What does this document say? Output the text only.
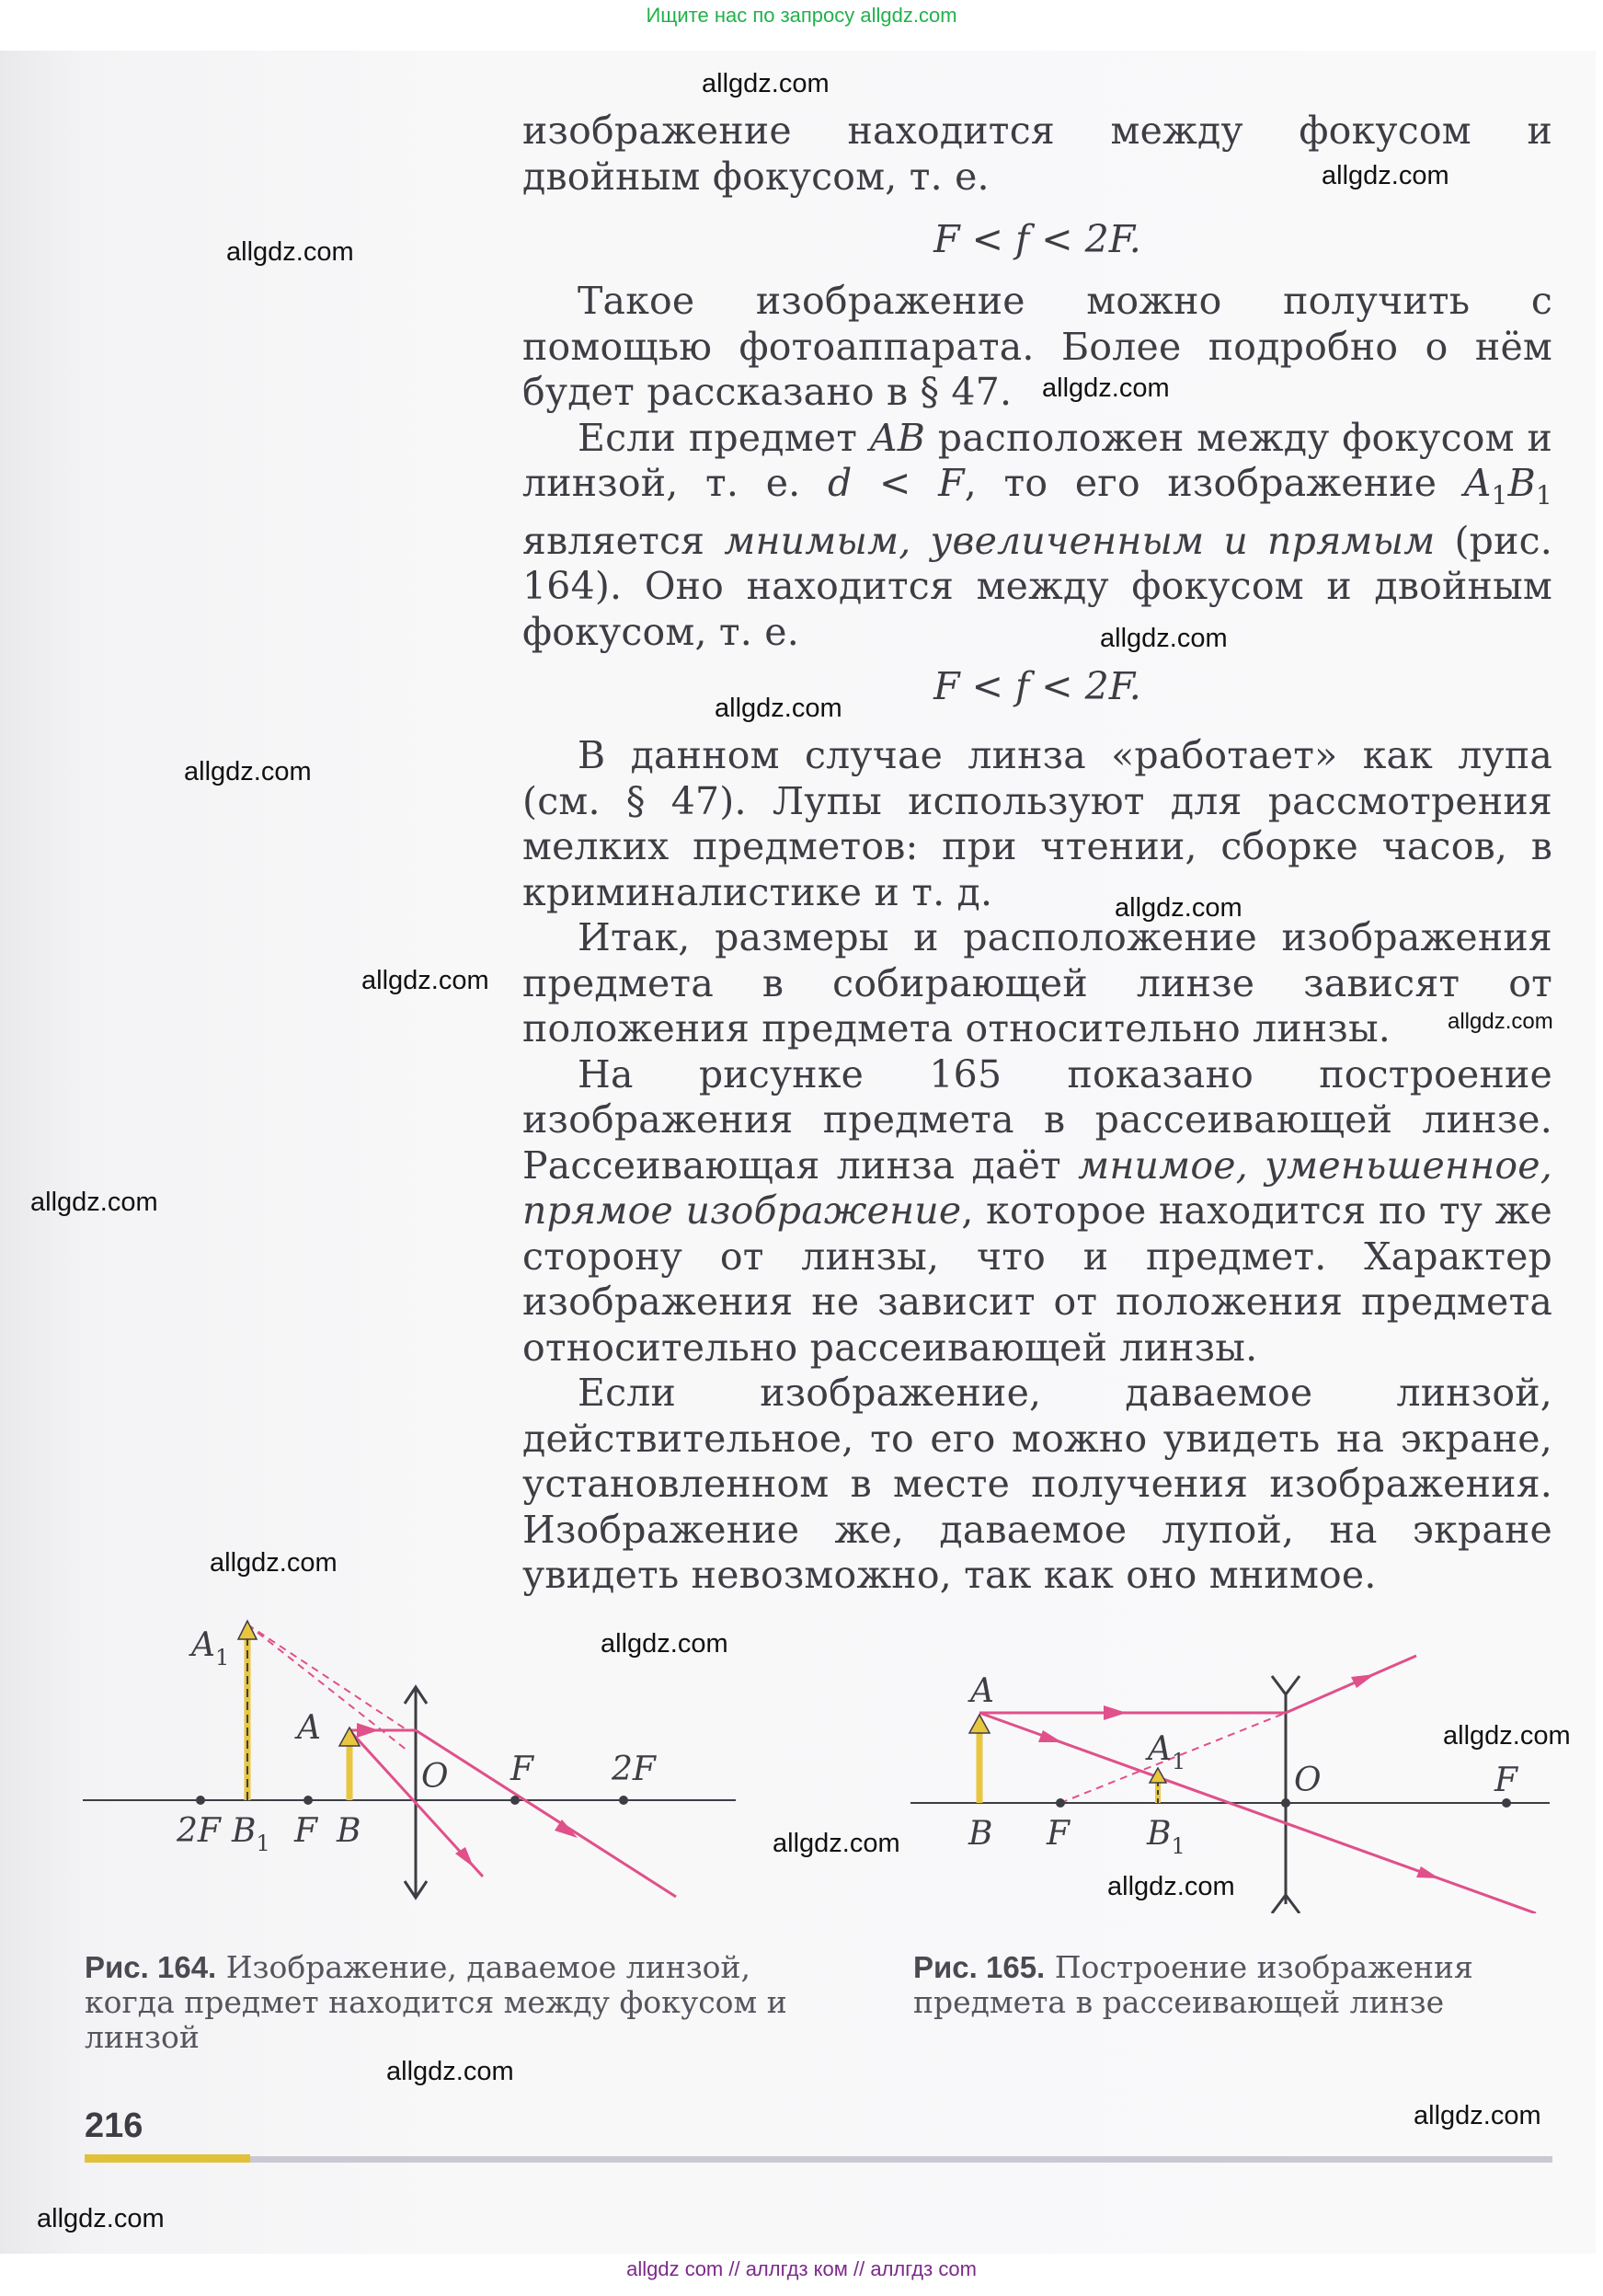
Ищите нас по запросу allgdz.com

изображение находится между фокусом и двойным фокусом, т. е.

F < f < 2F.

Такое изображение можно получить с помощью фотоаппарата. Более подробно о нём будет рассказано в § 47.

Если предмет AB расположен между фокусом и линзой, т. е. d < F, то его изображение $A_1B_1$ является мнимым, увеличенным и прямым (рис. 164). Оно находится между фокусом и двойным фокусом, т. е.

F < f < 2F.

В данном случае линза «работает» как лупа (см. § 47). Лупы используют для рассмотрения мелких предметов: при чтении, сборке часов, в криминалистике и т. д.

Итак, размеры и расположение изображения предмета в собирающей линзе зависят от положения предмета относительно линзы.

На рисунке 165 показано построение изображения предмета в рассеивающей линзе. Рассеивающая линза даёт мнимое, уменьшенное, прямое изображение, которое находится по ту же сторону от линзы, что и предмет. Характер изображения не зависит от положения предмета относительно рассеивающей линзы.

Если изображение, даваемое линзой, действительное, то его можно увидеть на экране, установленном в месте получения изображения. Изображение же, даваемое лупой, на экране увидеть невозможно, так как оно мнимое.

$A_1$
A
O F 2F
2F $B_1$ F B
A
$A_1$	O	F
B F $B_1$
Рис. 164. Изображение, даваемое линзой, когда предмет находится между фокусом и линзой
Рис. 165. Построение изображения предмета в рассеивающей линзе
216
allgdz.com
allgdz.com
allgdz.com
allgdz.com
allgdz.com
allgdz.com
allgdz.com
allgdz.com
allgdz.com
allgdz.com
allgdz.com
allgdz.com
allgdz.com
allgdz.com
allgdz.com
allgdz.com
allgdz.com
allgdz.com
allgdz.com
allgdz com // аллгдз ком // аллгдз com
